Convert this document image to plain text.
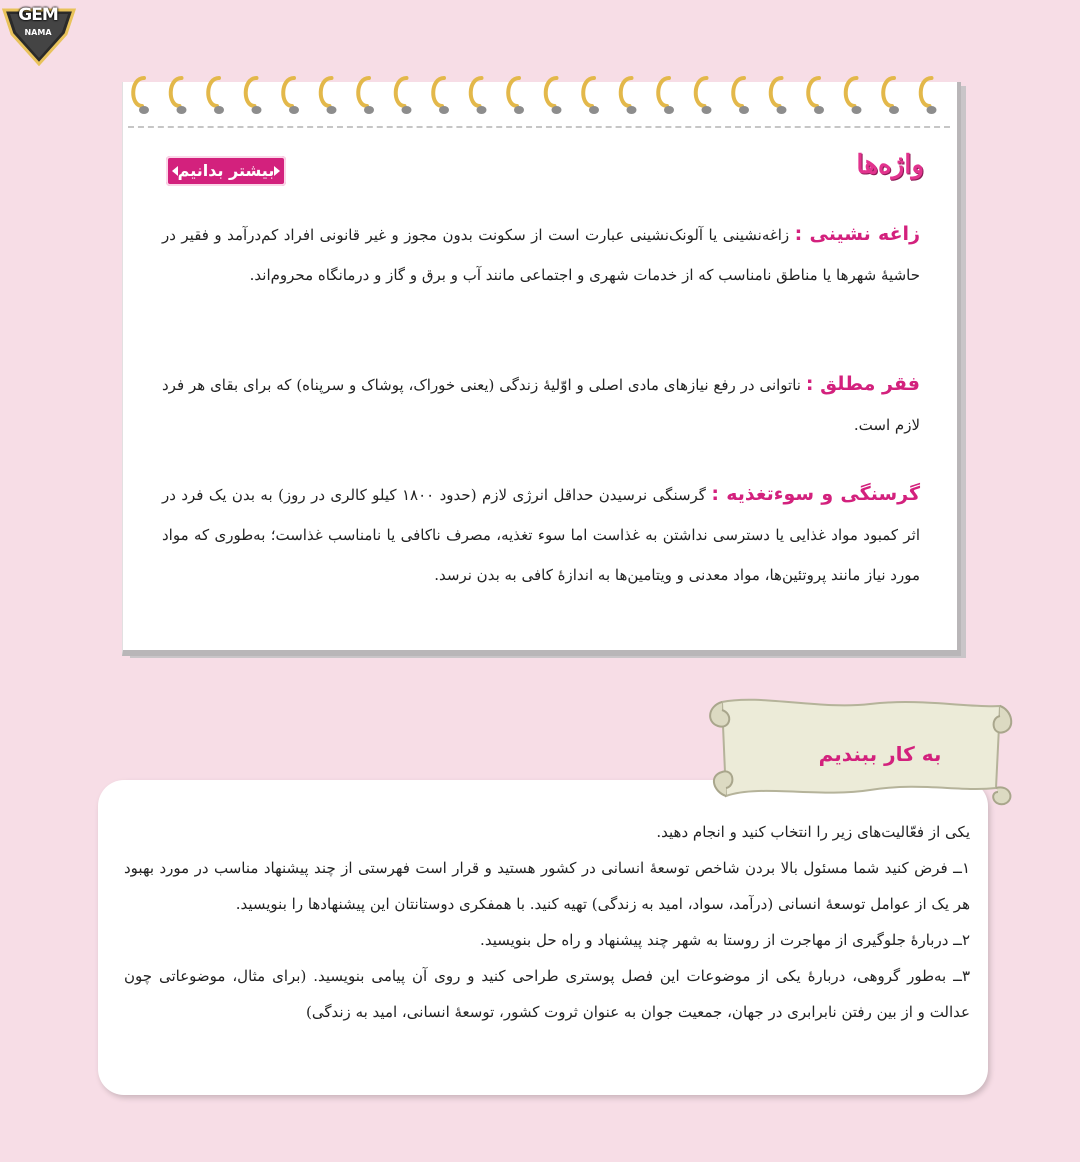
GEM
NAMA
بیشتر بدانیم	واژه‌ها
زاغه نشینی : زاغه‌نشینی یا آلونک‌نشینی عبارت است از سکونت بدون مجوز و غیر قانونی افراد کم‌درآمد و فقیر در حاشیهٔ شهرها یا مناطق نامناسب که از خدمات شهری و اجتماعی مانند آب و برق و گاز و درمانگاه محروم‌اند.
فقر مطلق : ناتوانی در رفع نیازهای مادی اصلی و اوّلیهٔ زندگی (یعنی خوراک، پوشاک و سرپناه) که برای بقای هر فرد لازم است.
گرسنگی و سوءتغذیه : گرسنگی نرسیدن حداقل انرژی لازم (حدود ۱۸۰۰ کیلو کالری در روز) به بدن یک فرد در اثر کمبود مواد غذایی یا دسترسی نداشتن به غذاست اما سوء تغذیه، مصرف ناکافی یا نامناسب غذاست؛ به‌طوری که مواد مورد نیاز مانند پروتئین‌ها، مواد معدنی و ویتامین‌ها به اندازهٔ کافی به بدن نرسد.
به کار ببندیم

یکی از فعّالیت‌های زیر را انتخاب کنید و انجام دهید.

۱ــ فرض کنید شما مسئول بالا بردن شاخص توسعهٔ انسانی در کشور هستید و قرار است فهرستی از چند پیشنهاد مناسب در مورد بهبود هر یک از عوامل توسعهٔ انسانی (درآمد، سواد، امید به زندگی) تهیه کنید. با همفکری دوستانتان این پیشنهادها را بنویسید.

۲ــ دربارهٔ جلوگیری از مهاجرت از روستا به شهر چند پیشنهاد و راه حل بنویسید.

۳ــ به‌طور گروهی، دربارهٔ یکی از موضوعات این فصل پوستری طراحی کنید و روی آن پیامی بنویسید. (برای مثال، موضوعاتی چون عدالت و از بین رفتن نابرابری در جهان، جمعیت جوان به عنوان ثروت کشور، توسعهٔ انسانی، امید به زندگی)
